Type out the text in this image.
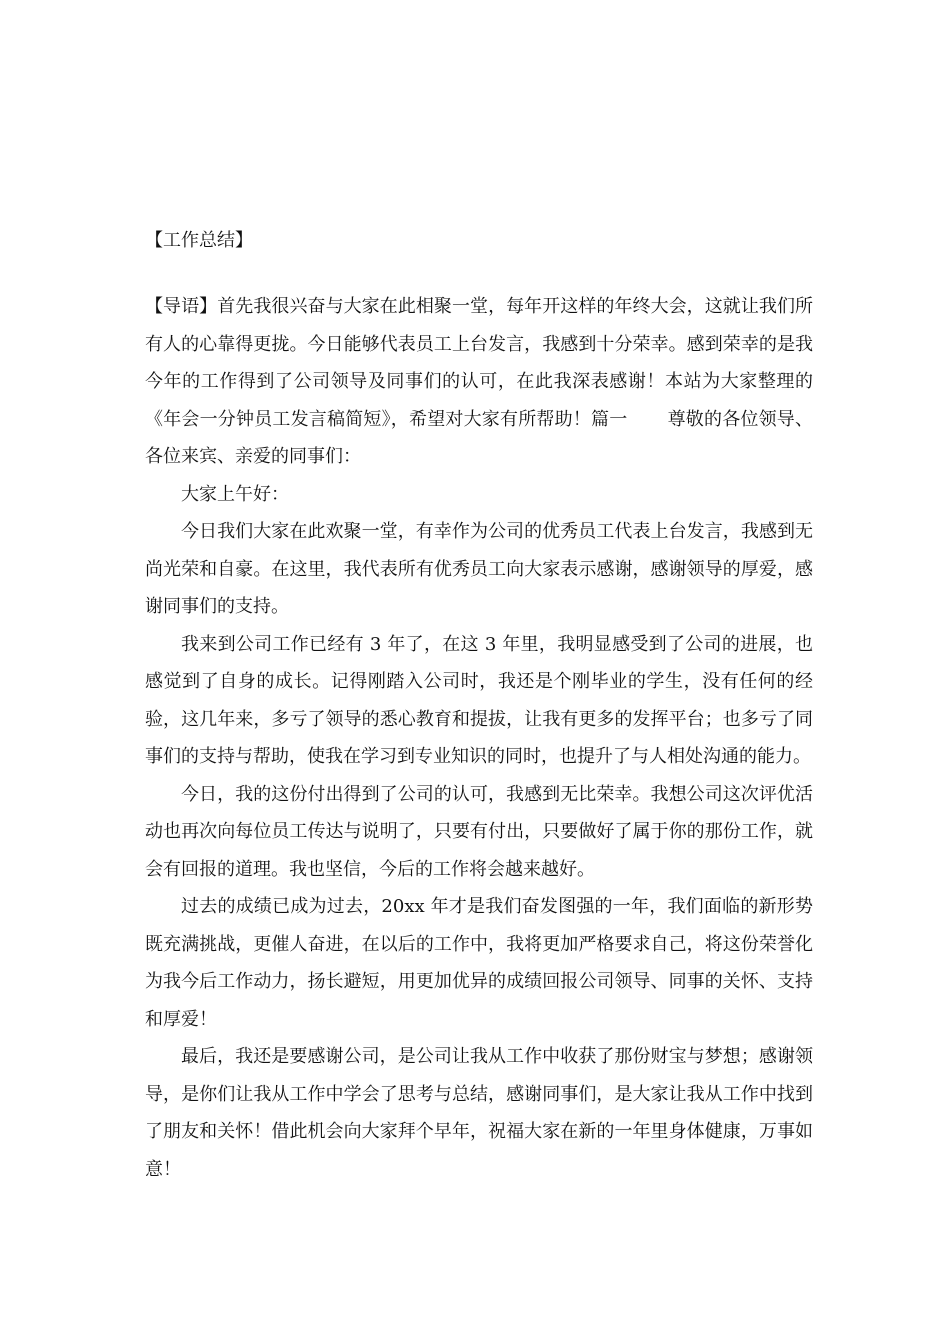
【工作总结】

【导语】首先我很兴奋与大家在此相聚一堂，每年开这样的年终大会，这就让我们所有人的心靠得更拢。今日能够代表员工上台发言，我感到十分荣幸。感到荣幸的是我今年的工作得到了公司领导及同事们的认可，在此我深表感谢！本站为大家整理的《年会一分钟员工发言稿简短》，希望对大家有所帮助！篇一 尊敬的各位领导、各位来宾、亲爱的同事们：

大家上午好：

今日我们大家在此欢聚一堂，有幸作为公司的优秀员工代表上台发言，我感到无尚光荣和自豪。在这里，我代表所有优秀员工向大家表示感谢，感谢领导的厚爱，感谢同事们的支持。

我来到公司工作已经有 3 年了，在这 3 年里，我明显感受到了公司的进展，也感觉到了自身的成长。记得刚踏入公司时，我还是个刚毕业的学生，没有任何的经验，这几年来，多亏了领导的悉心教育和提拔，让我有更多的发挥平台；也多亏了同事们的支持与帮助，使我在学习到专业知识的同时，也提升了与人相处沟通的能力。

今日，我的这份付出得到了公司的认可，我感到无比荣幸。我想公司这次评优活动也再次向每位员工传达与说明了，只要有付出，只要做好了属于你的那份工作，就会有回报的道理。我也坚信，今后的工作将会越来越好。

过去的成绩已成为过去，20xx 年才是我们奋发图强的一年，我们面临的新形势既充满挑战，更催人奋进，在以后的工作中，我将更加严格要求自己，将这份荣誉化为我今后工作动力，扬长避短，用更加优异的成绩回报公司领导、同事的关怀、支持和厚爱！

最后，我还是要感谢公司，是公司让我从工作中收获了那份财宝与梦想；感谢领导，是你们让我从工作中学会了思考与总结，感谢同事们，是大家让我从工作中找到了朋友和关怀！借此机会向大家拜个早年，祝福大家在新的一年里身体健康，万事如意！
